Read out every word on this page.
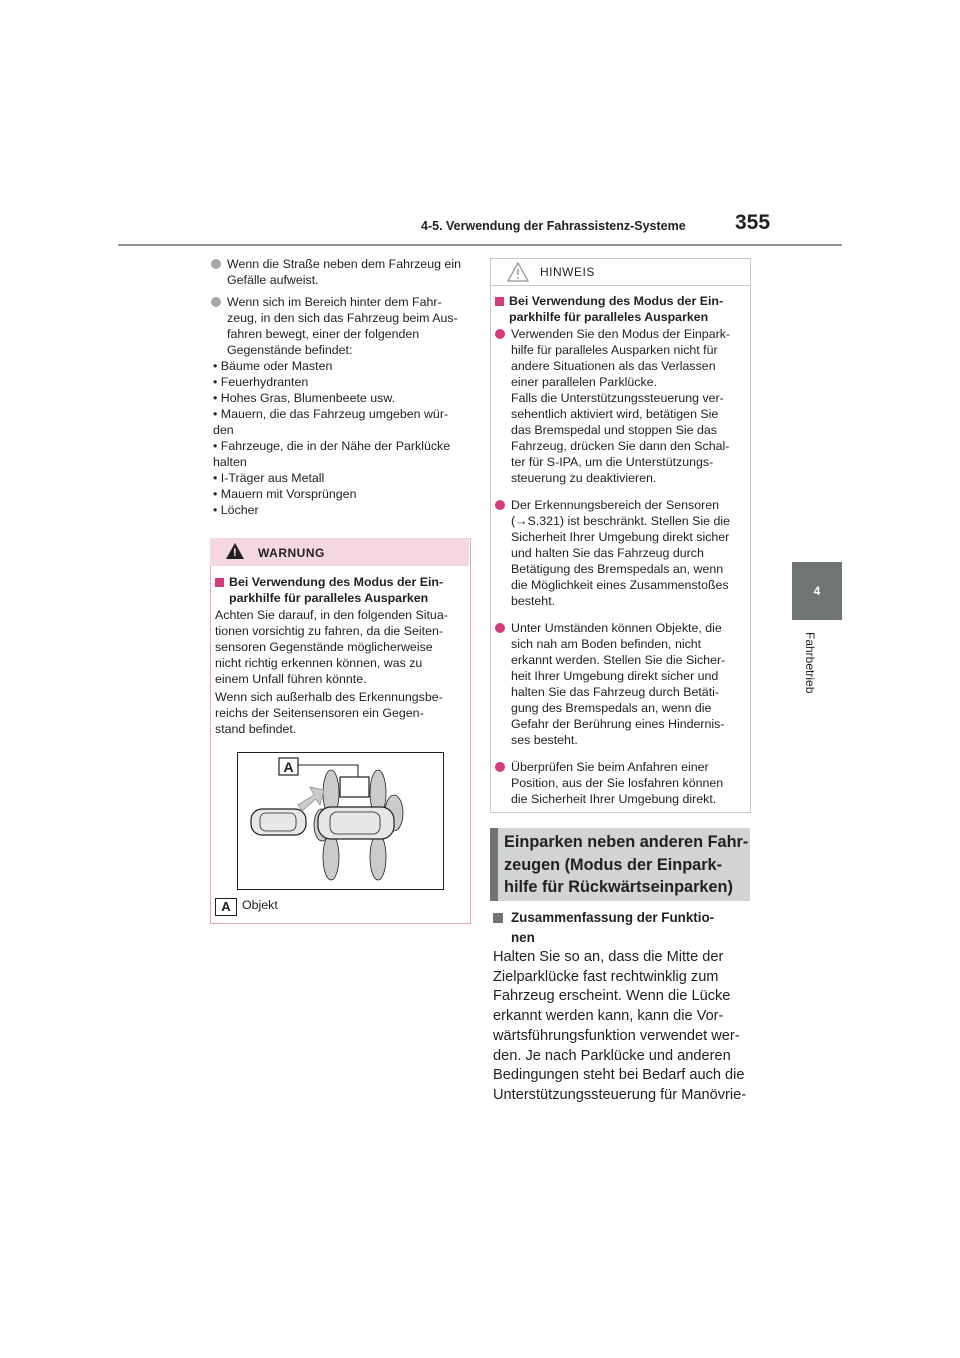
4-5. Verwendung der Fahrassistenz-Systeme 355
4
Fahrbetrieb
Wenn die Straße neben dem Fahrzeug ein
Gefälle aufweist.
Wenn sich im Bereich hinter dem Fahr-
zeug, in den sich das Fahrzeug beim Aus-
fahren bewegt, einer der folgenden
Gegenstände befindet:
• Bäume oder Masten
• Feuerhydranten
• Hohes Gras, Blumenbeete usw.
• Mauern, die das Fahrzeug umgeben wür-
den
• Fahrzeuge, die in der Nähe der Parklücke
halten
• I-Träger aus Metall
• Mauern mit Vorsprüngen
• Löcher
! WARNUNG
Bei Verwendung des Modus der Ein-
parkhilfe für paralleles Ausparken
Achten Sie darauf, in den folgenden Situa-
tionen vorsichtig zu fahren, da die Seiten-
sensoren Gegenstände möglicherweise
nicht richtig erkennen können, was zu
einem Unfall führen könnte.
Wenn sich außerhalb des Erkennungsbe-
reichs der Seitensensoren ein Gegen-
stand befindet.
A
A Objekt
HINWEIS
Bei Verwendung des Modus der Ein-
parkhilfe für paralleles Ausparken
Verwenden Sie den Modus der Einpark-
hilfe für paralleles Ausparken nicht für
andere Situationen als das Verlassen
einer parallelen Parklücke.
Falls die Unterstützungssteuerung ver-
sehentlich aktiviert wird, betätigen Sie
das Bremspedal und stoppen Sie das
Fahrzeug, drücken Sie dann den Schal-
ter für S-IPA, um die Unterstützungs-
steuerung zu deaktivieren.
Der Erkennungsbereich der Sensoren
(→S.321) ist beschränkt. Stellen Sie die
Sicherheit Ihrer Umgebung direkt sicher
und halten Sie das Fahrzeug durch
Betätigung des Bremspedals an, wenn
die Möglichkeit eines Zusammenstoßes
besteht.
Unter Umständen können Objekte, die
sich nah am Boden befinden, nicht
erkannt werden. Stellen Sie die Sicher-
heit Ihrer Umgebung direkt sicher und
halten Sie das Fahrzeug durch Betäti-
gung des Bremspedals an, wenn die
Gefahr der Berührung eines Hindernis-
ses besteht.
Überprüfen Sie beim Anfahren einer
Position, aus der Sie losfahren können
die Sicherheit Ihrer Umgebung direkt.
Einparken neben anderen Fahr-
zeugen (Modus der Einpark-
hilfe für Rückwärtseinparken)
Zusammenfassung der Funktio-
nen
Halten Sie so an, dass die Mitte der
Zielparklücke fast rechtwinklig zum
Fahrzeug erscheint. Wenn die Lücke
erkannt werden kann, kann die Vor-
wärtsführungsfunktion verwendet wer-
den. Je nach Parklücke und anderen
Bedingungen steht bei Bedarf auch die
Unterstützungssteuerung für Manövrie-
